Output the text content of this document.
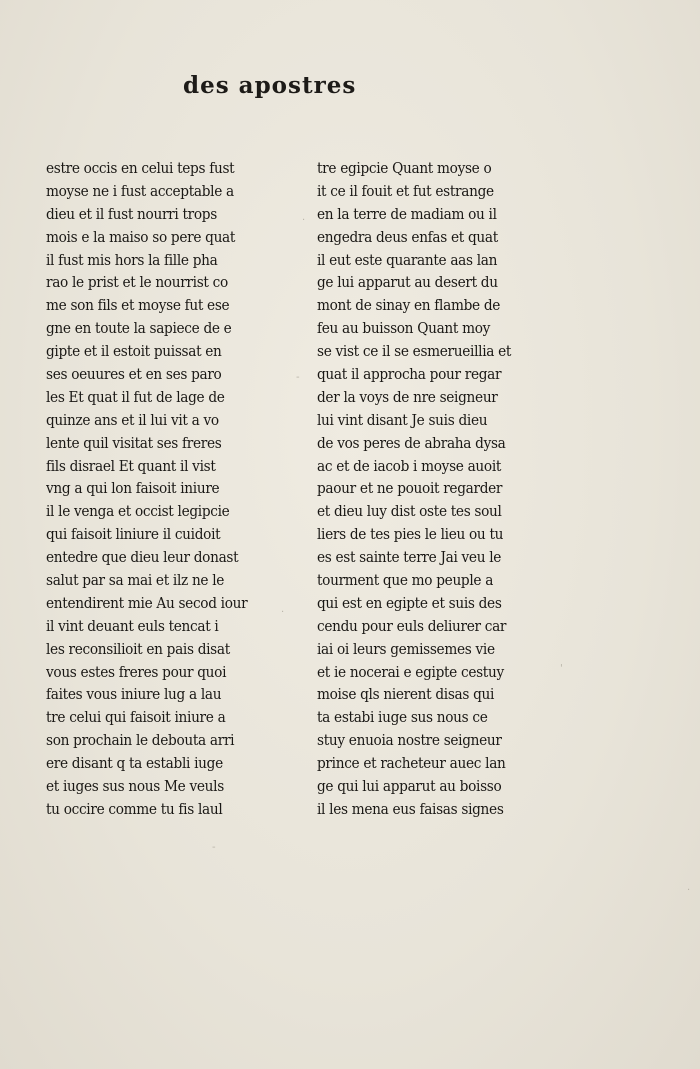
des apostres
estre occis en celui teps fust
moyse ne i fust acceptable a
dieu et il fust nourri trops
mois e la maiso so pere quat
il fust mis hors la fille pha
rao le prist et le nourrist co
me son fils et moyse fut ese
gne en toute la sapiece de e
gipte et il estoit puissat en
ses oeuures et en ses paro
les Et quat il fut de lage de
quinze ans et il lui vit a vo
lente quil visitat ses freres
fils disrael Et quant il vist
vng a qui lon faisoit iniure
il le venga et occist legipcie
qui faisoit liniure il cuidoit
entedre que dieu leur donast
salut par sa mai et ilz ne le
entendirent mie Au secod iour
il vint deuant euls tencat i
les reconsilioit en pais disat
vous estes freres pour quoi
faites vous iniure lug a lau
tre celui qui faisoit iniure a
son prochain le debouta arri
ere disant q ta establi iuge
et iuges sus nous Me veuls
tu occire comme tu fis laul
tre egipcie Quant moyse o
it ce il fouit et fut estrange
en la terre de madiam ou il
engedra deus enfas et quat
il eut este quarante aas lan
ge lui apparut au desert du
mont de sinay en flambe de
feu au buisson Quant moy
se vist ce il se esmerueillia et
quat il approcha pour regar
der la voys de nre seigneur
lui vint disant Je suis dieu
de vos peres de abraha dysa
ac et de iacob i moyse auoit
paour et ne pouoit regarder
et dieu luy dist oste tes soul
liers de tes pies le lieu ou tu
es est sainte terre Jai veu le
tourment que mo peuple a
qui est en egipte et suis des
cendu pour euls deliurer car
iai oi leurs gemissemes vie
et ie nocerai e egipte cestuy
moise qls nierent disas qui
ta estabi iuge sus nous ce
stuy enuoia nostre seigneur
prince et racheteur auec lan
ge qui lui apparut au boisso
il les mena eus faisas signes
.
-
.
-
'
.
